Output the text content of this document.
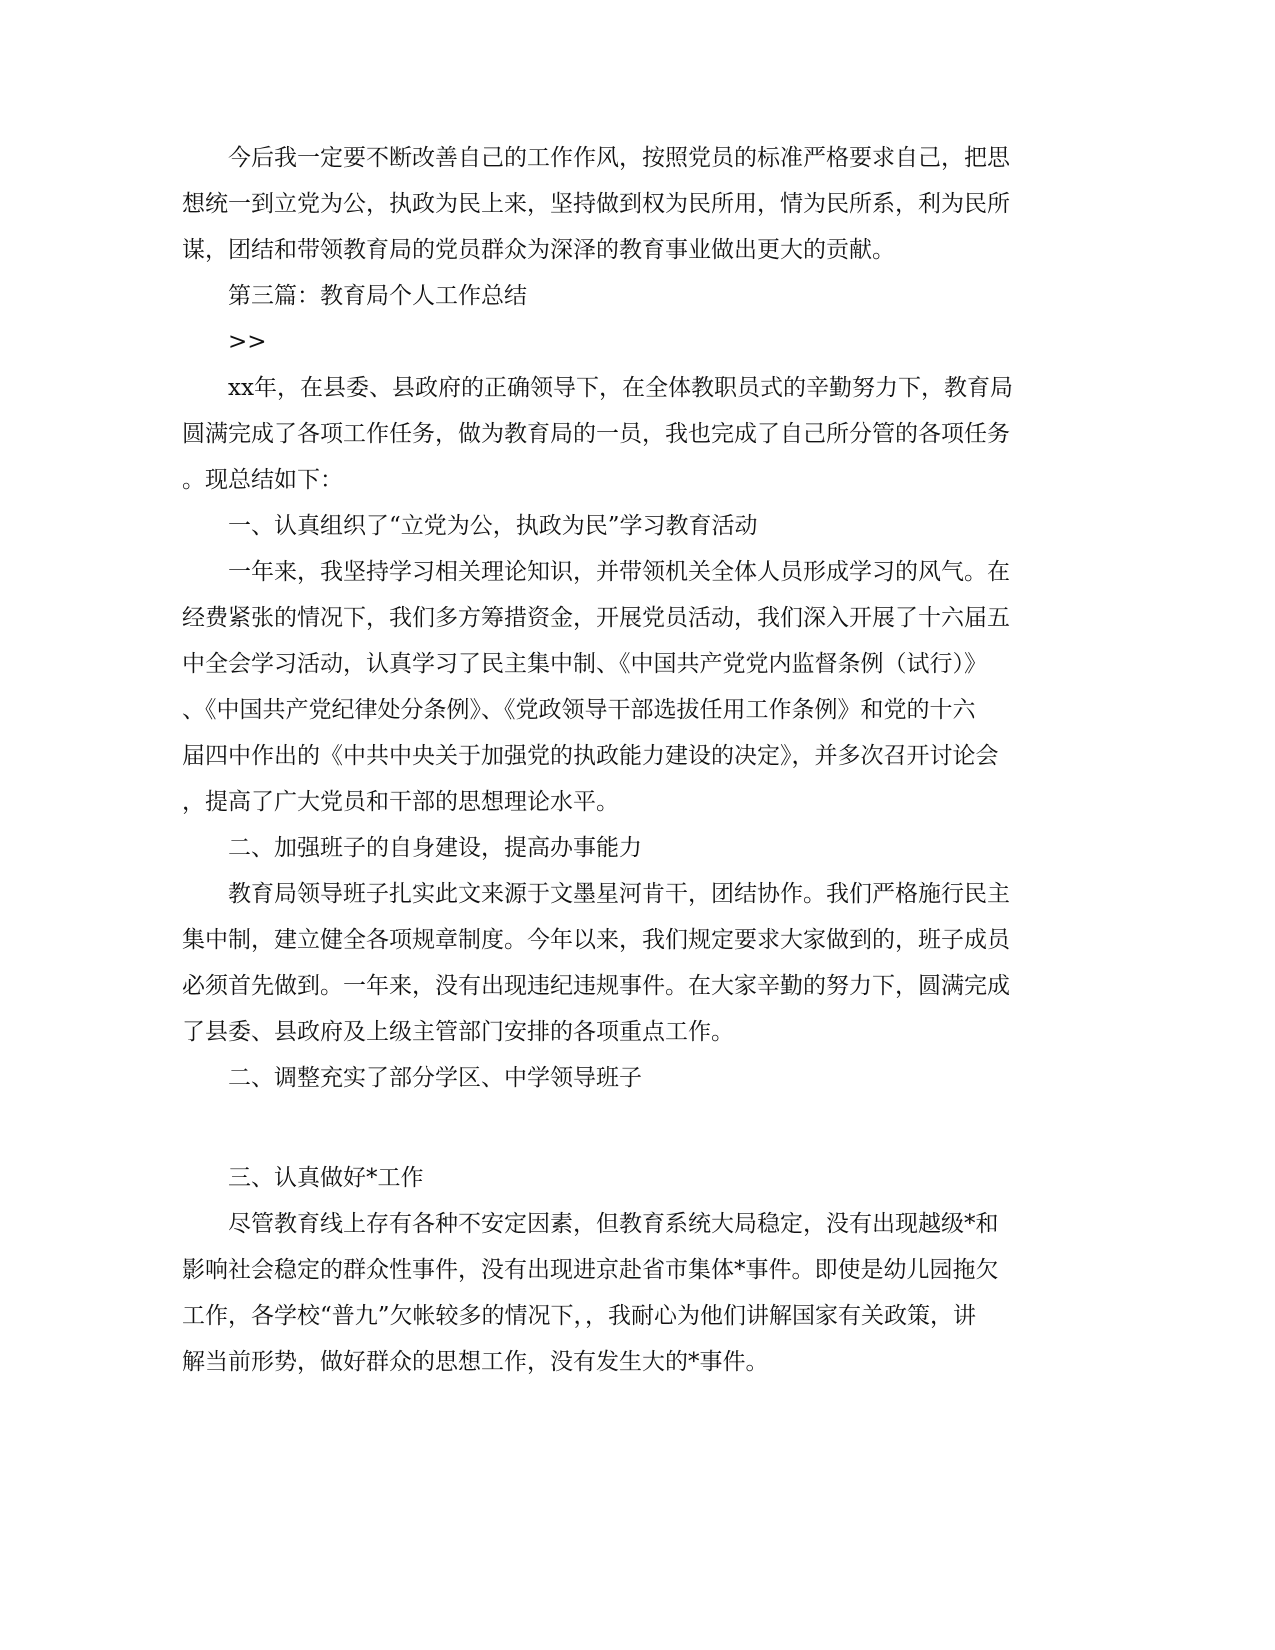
今后我一定要不断改善自己的工作作风，按照党员的标准严格要求自己，把思
想统一到立党为公，执政为民上来，坚持做到权为民所用，情为民所系，利为民所
谋，团结和带领教育局的党员群众为深泽的教育事业做出更大的贡献。
第三篇：教育局个人工作总结
>>
xx年，在县委、县政府的正确领导下，在全体教职员式的辛勤努力下，教育局
圆满完成了各项工作任务，做为教育局的一员，我也完成了自己所分管的各项任务
。现总结如下：
一、认真组织了“立党为公，执政为民”学习教育活动
一年来，我坚持学习相关理论知识，并带领机关全体人员形成学习的风气。在
经费紧张的情况下，我们多方筹措资金，开展党员活动，我们深入开展了十六届五
中全会学习活动，认真学习了民主集中制、《中国共产党党内监督条例（试行）》
、《中国共产党纪律处分条例》、《党政领导干部选拔任用工作条例》和党的十六
届四中作出的《中共中央关于加强党的执政能力建设的决定》，并多次召开讨论会
，提高了广大党员和干部的思想理论水平。
二、加强班子的自身建设，提高办事能力
教育局领导班子扎实此文来源于文墨星河肯干，团结协作。我们严格施行民主
集中制，建立健全各项规章制度。今年以来，我们规定要求大家做到的，班子成员
必须首先做到。一年来，没有出现违纪违规事件。在大家辛勤的努力下，圆满完成
了县委、县政府及上级主管部门安排的各项重点工作。
二、调整充实了部分学区、中学领导班子
三、认真做好*工作
尽管教育线上存有各种不安定因素，但教育系统大局稳定，没有出现越级*和
影响社会稳定的群众性事件，没有出现进京赴省市集体*事件。即使是幼儿园拖欠
工作，各学校“普九”欠帐较多的情况下，，我耐心为他们讲解国家有关政策，讲
解当前形势，做好群众的思想工作，没有发生大的*事件。
